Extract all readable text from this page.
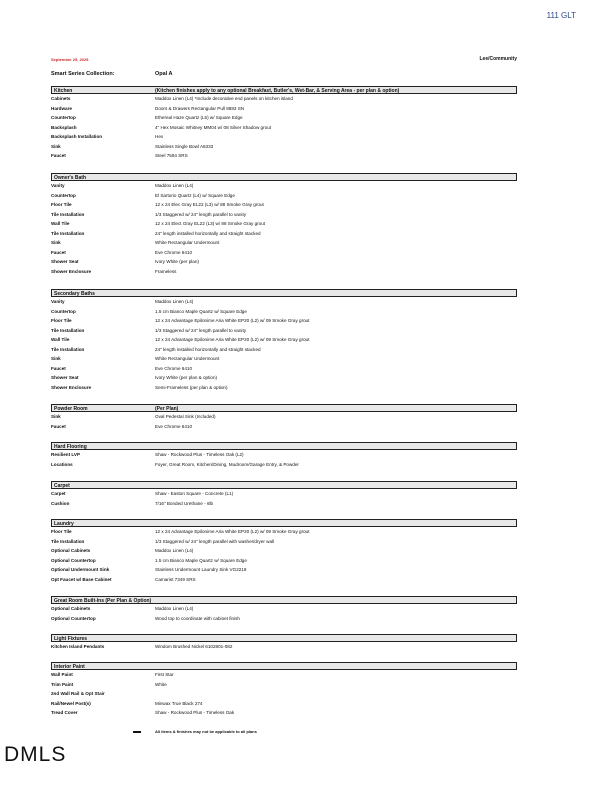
111 GLT
September 25, 2025	Lee/Community
Smart Series Collection:	Opal A
Kitchen	(Kitchen finishes apply to any optional Breakfast, Butler's, Wet-Bar, & Serving Area - per plan & option)
Cabinets	Maddox Linen (L4) *Include decorative end panels on kitchen island
Hardware	Doors & Drawers Rectangular Pull 8883 SN
Countertop	Ethereal Haze Quartz (L5) w/ Square Edge
Backsplash	4" Hex Mosaic Whitney MM04 w/ 08 Silver Shadow grout
Backsplash Installation	Hex
Sink	Stainless Single Bowl A6333
Faucet	Steel 7594 SRS
Owner's Bath
Vanity	Maddox Linen (L4)
Countertop	El Sartorio Quartz (L4) w/ Square Edge
Floor Tile	12 x 24 Elec Gray EL22 (L3) w/ 88 Smoke Gray grout
Tile Installation	1/3 Staggered w/ 24" length parallel to vanity
Wall Tile	12 x 24 Elect Gray EL22 (L3) w/ 88 Smoke Gray grout
Tile Installation	24" length installed horizontally and straight stacked
Sink	White Rectangular Undermount
Faucet	Eve Chrome 6410
Shower Seat	Ivory White (per plan)
Shower Enclosure	Frameless
Secondary Baths
Vanity	Maddox Linen (L4)
Countertop	1.5 cm Bianco Maple Quartz w/ Square Edge
Floor Tile	12 x 24 Advantage Epilonime Aria White EP20 (L2) w/ 09 Smoke Gray grout
Tile Installation	1/3 Staggered w/ 24" length parallel to vanity
Wall Tile	12 x 24 Advantage Epilonime Aria White EP20 (L2) w/ 09 Smoke Gray grout
Tile Installation	24" length installed horizontally and straight stacked
Sink	White Rectangular Undermount
Faucet	Eve Chrome 6410
Shower Seat	Ivory White (per plan & option)
Shower Enclosure	Semi-Frameless (per plan & option)
Powder Room	(Per Plan)
Sink	Oval Pedestal Sink (Included)
Faucet	Eve Chrome 6410
Hard Flooring
Resilient LVP	Shaw - Rockwood Plus - Timeless Oak (L2)
Locations	Foyer, Great Room, Kitchen/Dining, Mudroom/Garage Entry, & Powder
Carpet
Carpet	Shaw - Easton Square - Concrete (L1)
Cushion	7/16" Bonded Urethane - 6lb
Laundry
Floor Tile	12 x 24 Advantage Epilonime Aria White EP20 (L2) w/ 09 Smoke Gray grout
Tile Installation	1/3 Staggered w/ 24" length parallel with washer/dryer wall
Optional Cabinets	Maddox Linen (L4)
Optional Countertop	1.5 cm Bianco Maple Quartz w/ Square Edge
Optional Undermount Sink	Stainless Undermount Laundry Sink VG2218
Opt Faucet w/ Base Cabinet	Camarist 7349 SRS
Great Room Built-Ins (Per Plan & Option)
Optional Cabinets	Maddox Linen (L4)
Optional Countertop	Wood top to coordinate with cabinet finish
Light Fixtures
Kitchen Island Pendants	Windom Brushed Nickel 6102801-082
Interior Paint
Wall Paint	First Star
Trim Paint	White
2nd Wall Rail & Opt Stair
Rail/Newel Post(s)	Minwax True Black 274
Tread Cover	Shaw - Rockwood Plus - Timeless Oak
All items & finishes may not be applicable to all plans
DMLS
